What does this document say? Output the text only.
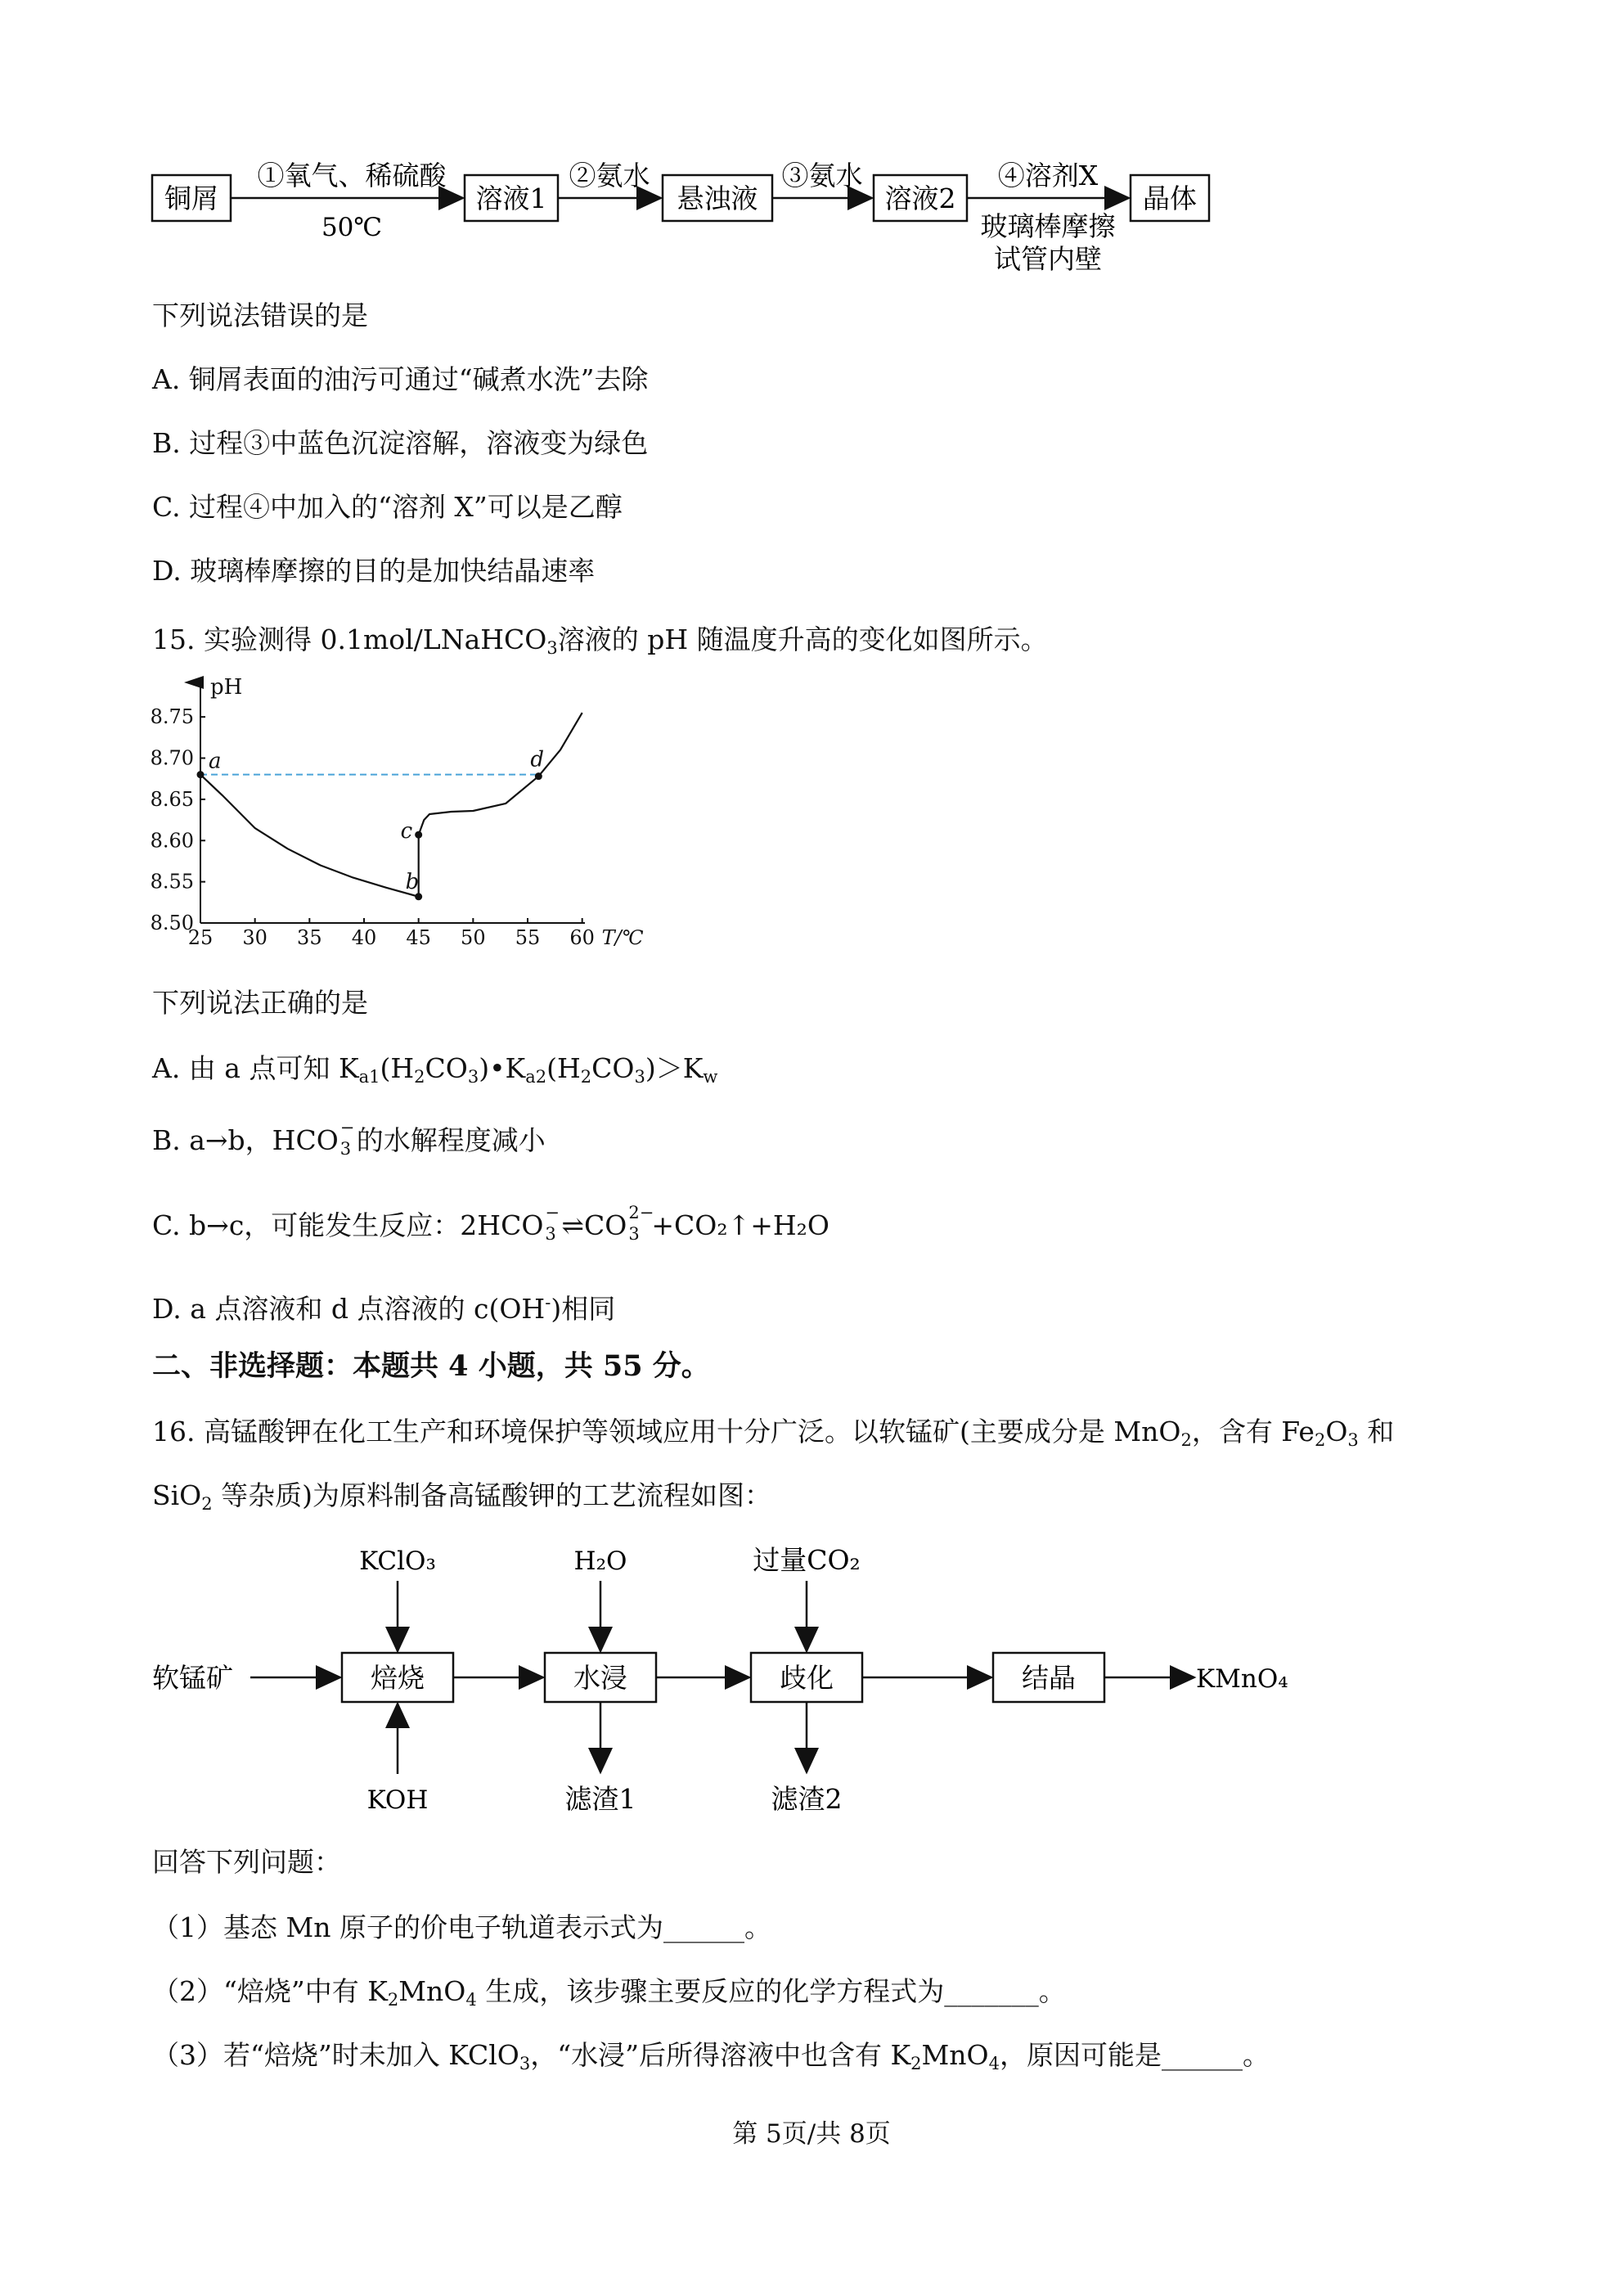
铜屑	溶液1	悬浊液	溶液2	晶体
①氧气、稀硫酸
50℃
②氨水	③氨水	④溶剂X
玻璃棒摩擦
试管内壁
下列说法错误的是
A. 铜屑表面的油污可通过“碱煮水洗”去除
B. 过程③中蓝色沉淀溶解，溶液变为绿色
C. 过程④中加入的“溶剂 X”可以是乙醇
D. 玻璃棒摩擦的目的是加快结晶速率
15. 实验测得 0.1mol/LNaHCO$_3$溶液的 pH 随温度升高的变化如图所示。
8.50
8.55
8.60
8.65
8.70
8.75
25 30 35 40 45 50 55 60
pH
T/℃
a
b
c
d
下列说法正确的是
A. 由 a 点可知 $K_{a1}(H_2CO_3)•K_{a2}(H_2CO_3)>K_w$
B. a→b，HCO −
3 的水解程度减小
C. b→c，可能发生反应：2HCO −
3 ⇌CO 2−
3 +CO₂↑+H₂O
D. a 点溶液和 d 点溶液的 c(OH-)相同
二、非选择题：本题共 4 小题，共 55 分。
16. 高锰酸钾在化工生产和环境保护等领域应用十分广泛。以软锰矿(主要成分是 MnO$_2$，含有 $Fe_2O_3$ 和
SiO$_2$ 等杂质)为原料制备高锰酸钾的工艺流程如图：
软锰矿	焙烧	水浸	歧化	结晶	KMnO₄
KClO₃
KOH
H₂O
滤渣1
过量CO₂
滤渣2
回答下列问题：
（1）基态 Mn 原子的价电子轨道表示式为______。
（2）“焙烧”中有 $K_2MnO_4$ 生成，该步骤主要反应的化学方程式为_______。
（3）若“焙烧”时未加入 KClO$_3$，“水浸”后所得溶液中也含有 $K_2MnO_4$，原因可能是______。
第 5页/共 8页
